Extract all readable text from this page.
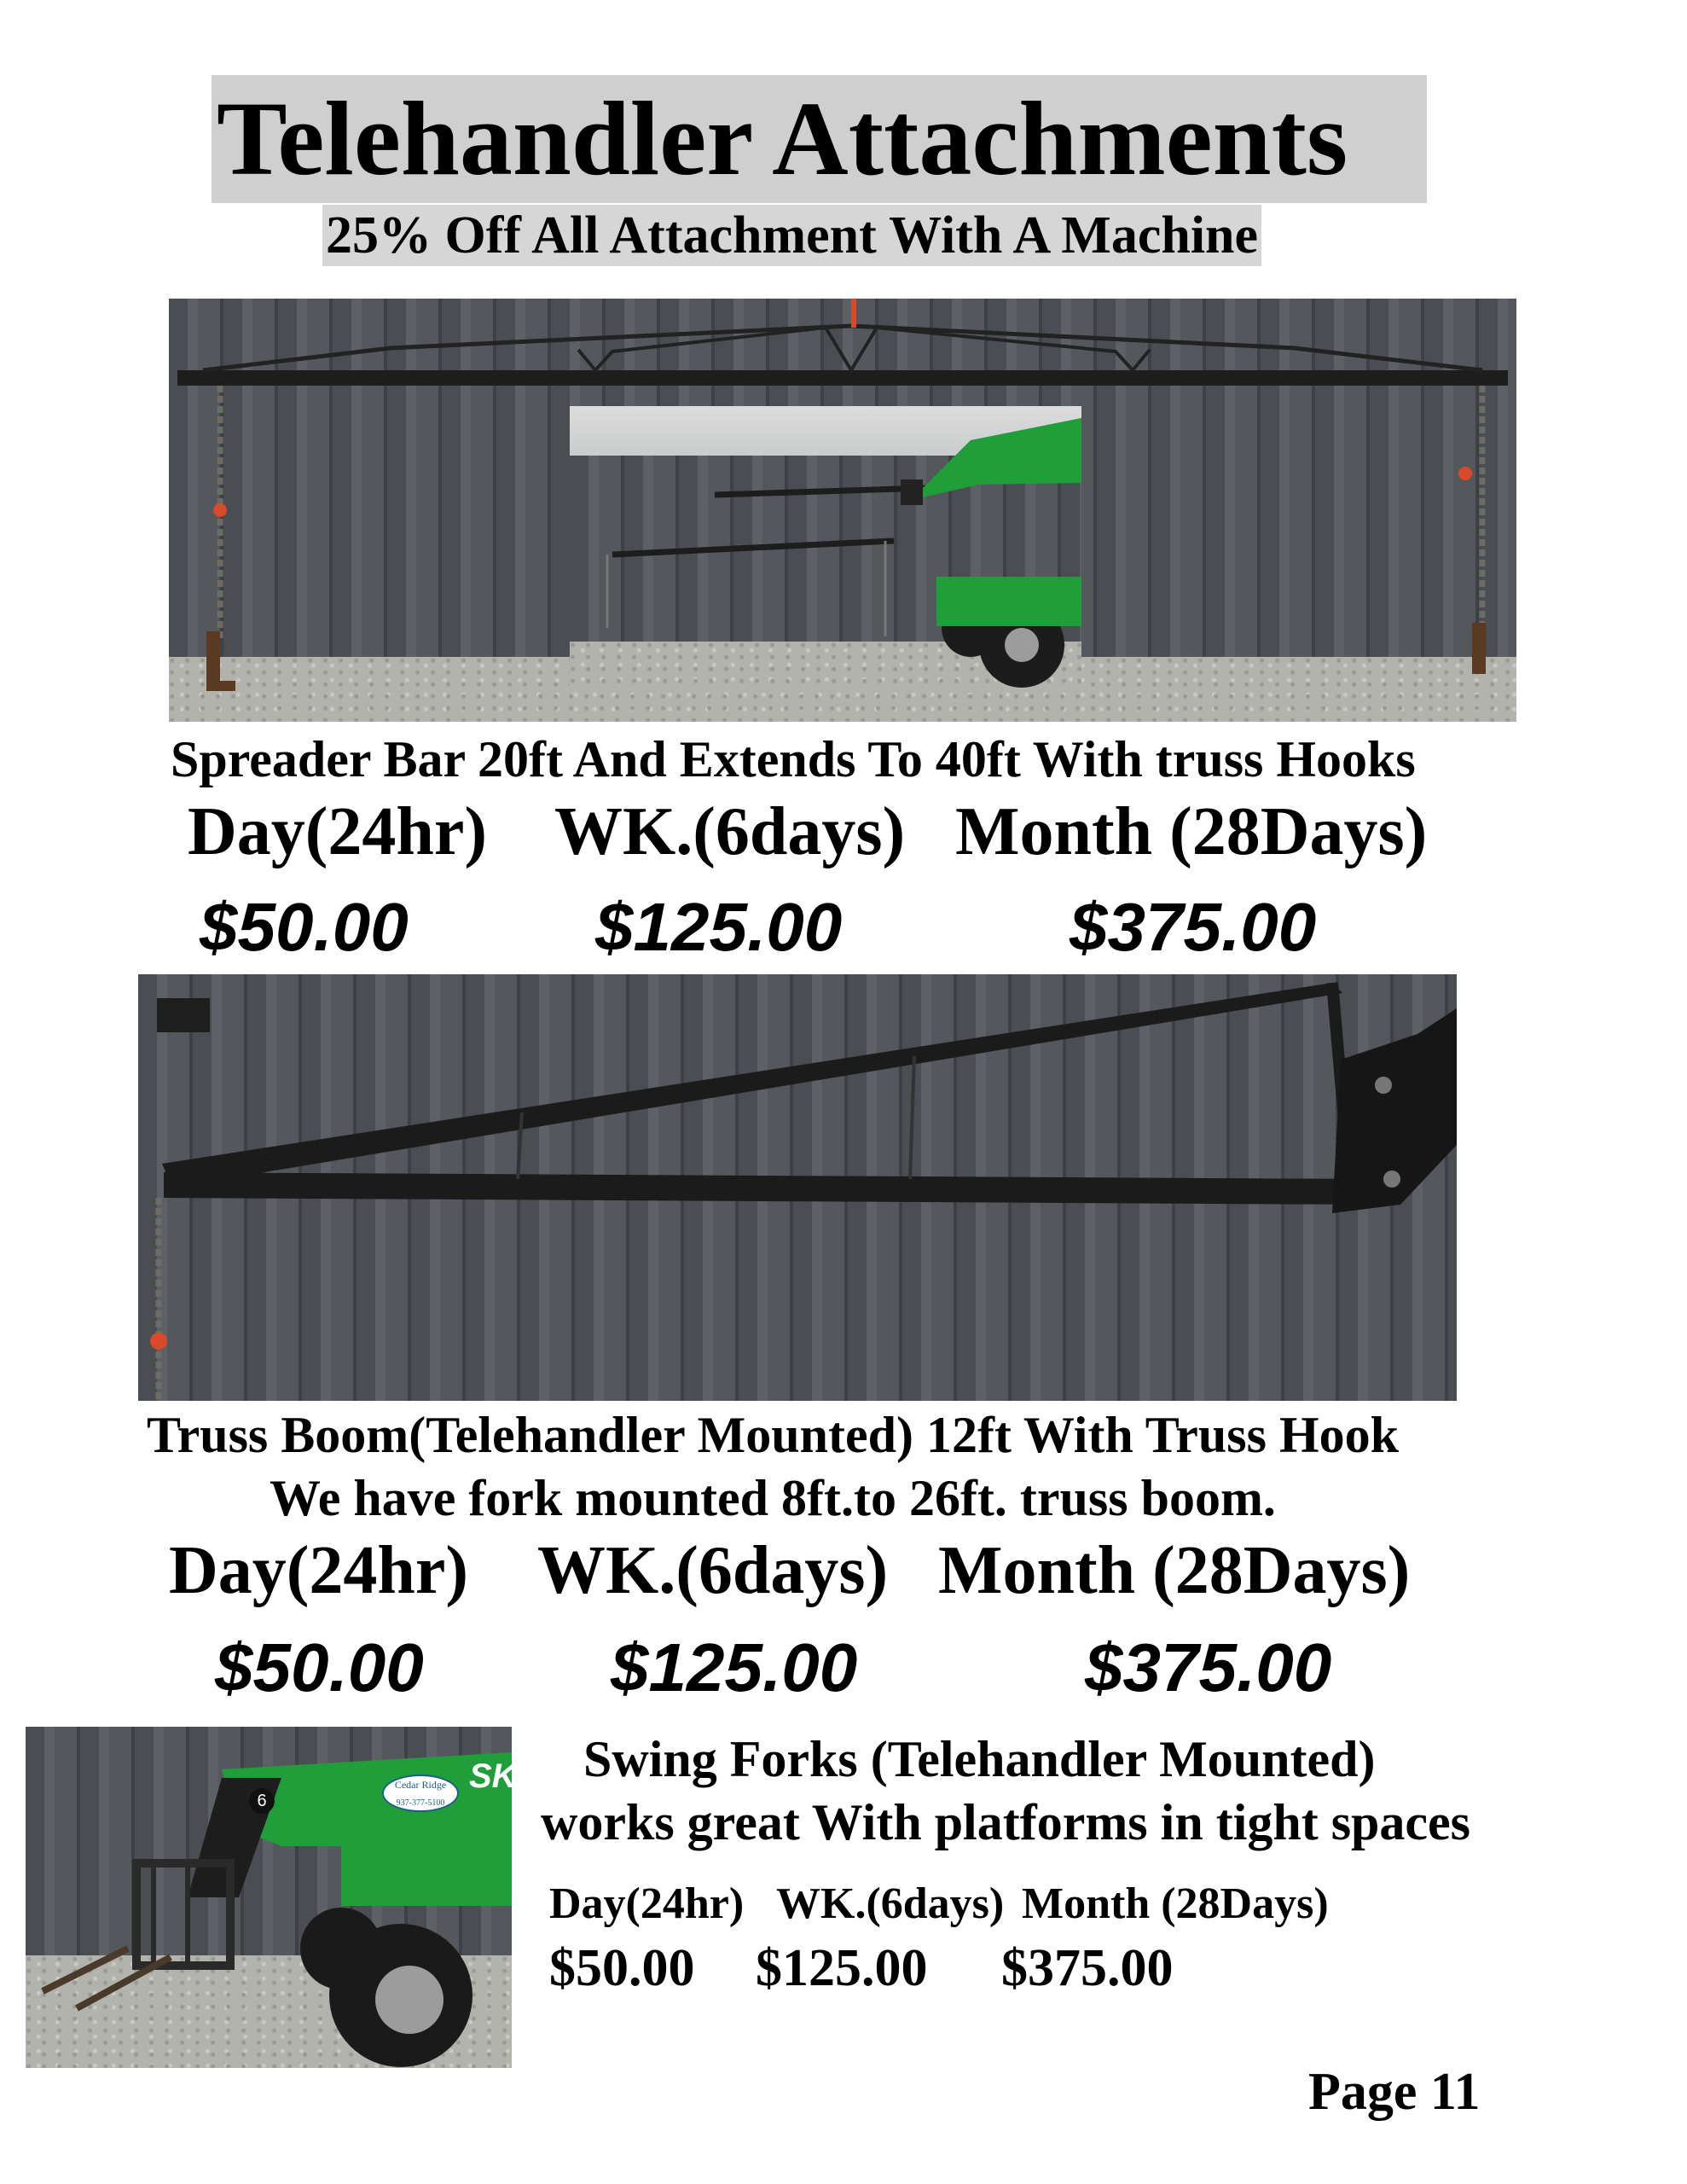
Telehandler Attachments
25% Off All Attachment With A Machine
Spreader Bar 20ft And Extends To 40ft With truss Hooks
Day(24hr) WK.(6days) Month (28Days)
$50.00	$125.00	$375.00
Truss Boom(Telehandler Mounted) 12ft With Truss Hook
We have fork mounted 8ft.to 26ft. truss boom.
Day(24hr) WK.(6days) Month (28Days)
$50.00	$125.00	$375.00
Cedar Ridge
937-377-5100
SK
6
Swing Forks (Telehandler Mounted)
works great With platforms in tight spaces
Day(24hr) WK.(6days) Month (28Days)
$50.00 $125.00 $375.00
Page 11
